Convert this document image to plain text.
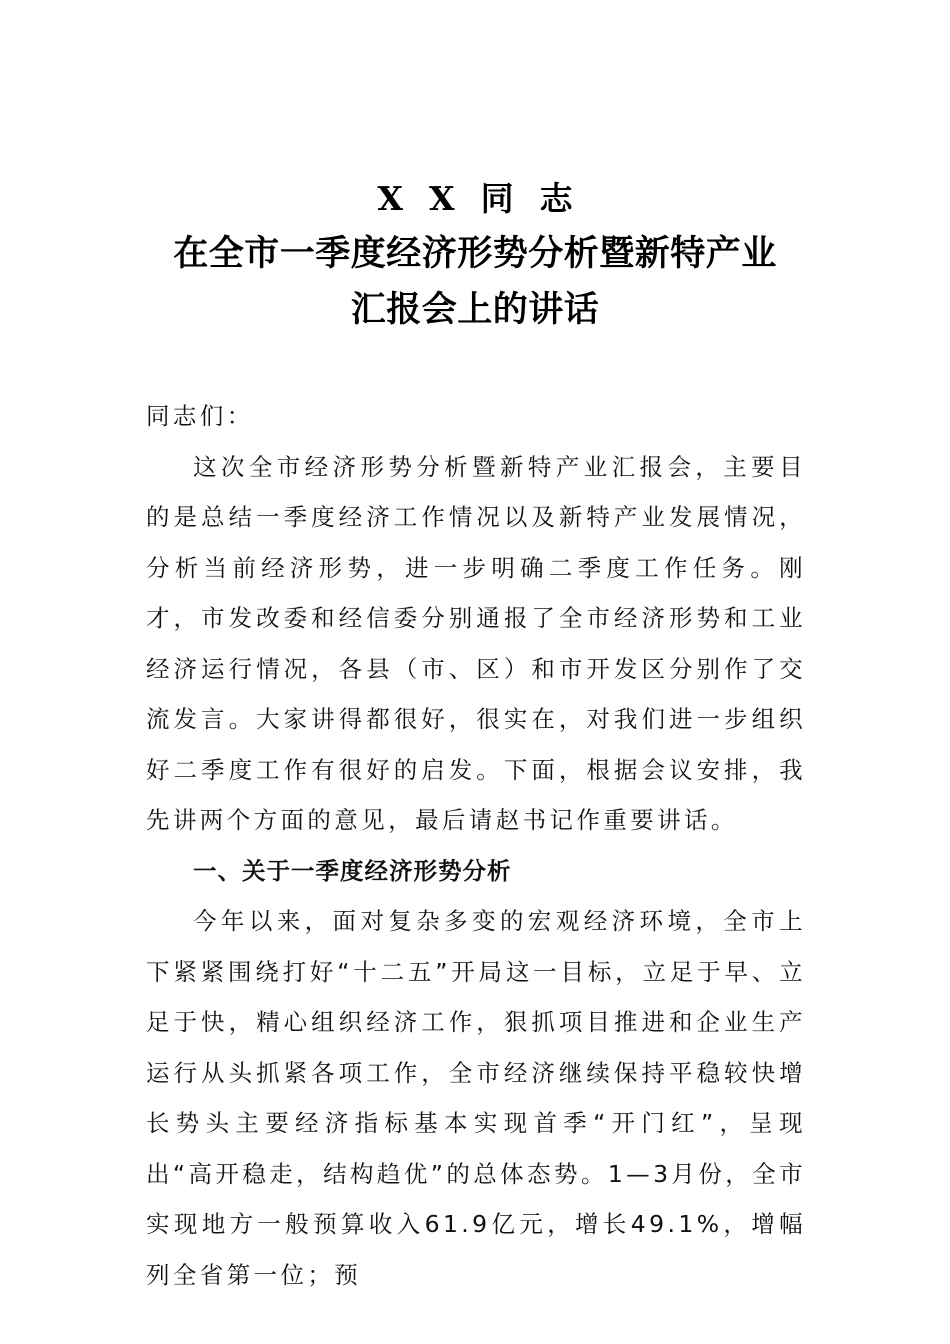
XX同志
在全市一季度经济形势分析暨新特产业
汇报会上的讲话

同志们：

这次全市经济形势分析暨新特产业汇报会，主要目的是总结一季度经济工作情况以及新特产业发展情况，分析当前经济形势，进一步明确二季度工作任务。刚才，市发改委和经信委分别通报了全市经济形势和工业经济运行情况，各县（市、区）和市开发区分别作了交流发言。大家讲得都很好，很实在，对我们进一步组织好二季度工作有很好的启发。下面，根据会议安排，我先讲两个方面的意见，最后请赵书记作重要讲话。

一、关于一季度经济形势分析

今年以来，面对复杂多变的宏观经济环境，全市上下紧紧围绕打好“十二五”开局这一目标，立足于早、立足于快，精心组织经济工作，狠抓项目推进和企业生产运行从头抓紧各项工作，全市经济继续保持平稳较快增长势头主要经济指标基本实现首季“开门红”，呈现出“高开稳走，结构趋优”的总体态势。1—3月份，全市实现地方一般预算收入61.9亿元，增长49.1%，增幅列全省第一位；预
